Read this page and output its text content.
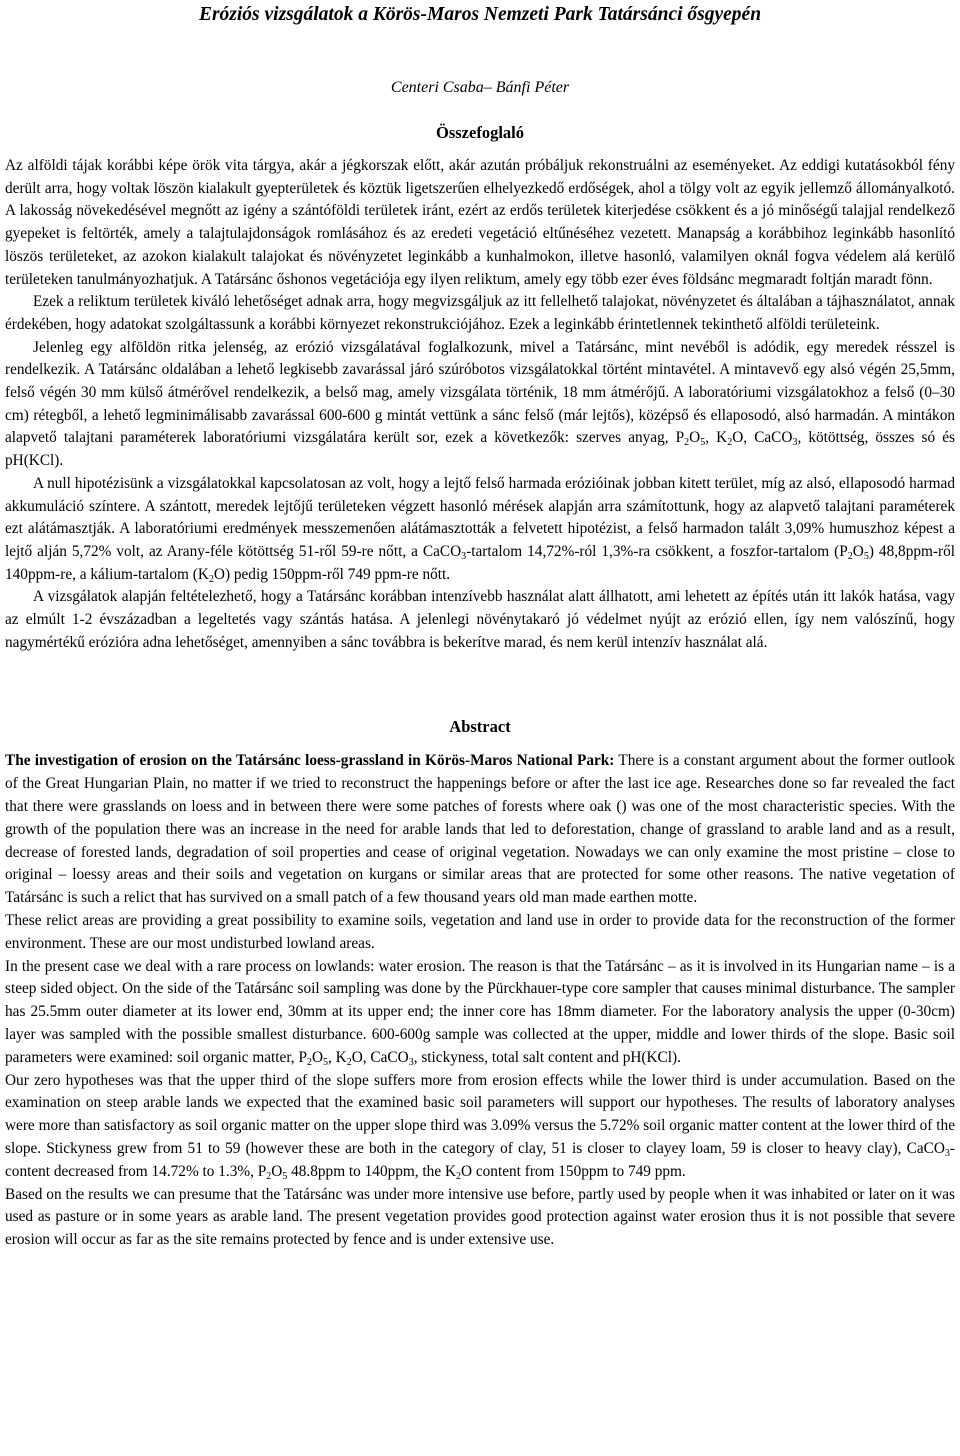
Eróziós vizsgálatok a Körös-Maros Nemzeti Park Tatársánci ősgyepén

Centeri Csaba– Bánfi Péter

Összefoglaló

Az alföldi tájak korábbi képe örök vita tárgya, akár a jégkorszak előtt, akár azután próbáljuk rekonstruálni az eseményeket. Az eddigi kutatásokból fény derült arra, hogy voltak löszön kialakult gyepterületek és köztük ligetszerűen elhelyezkedő erdőségek, ahol a tölgy volt az egyik jellemző állományalkotó. A lakosság növekedésével megnőtt az igény a szántóföldi területek iránt, ezért az erdős területek kiterjedése csökkent és a jó minőségű talajjal rendelkező gyepeket is feltörték, amely a talajtulajdonságok romlásához és az eredeti vegetáció eltűnéséhez vezetett. Manapság a korábbihoz leginkább hasonlító löszös területeket, az azokon kialakult talajokat és növényzetet leginkább a kunhalmokon, illetve hasonló, valamilyen oknál fogva védelem alá kerülő területeken tanulmányozhatjuk. A Tatársánc őshonos vegetációja egy ilyen reliktum, amely egy több ezer éves földsánc megmaradt foltján maradt fönn.

Ezek a reliktum területek kiváló lehetőséget adnak arra, hogy megvizsgáljuk az itt fellelhető talajokat, növényzetet és általában a tájhasználatot, annak érdekében, hogy adatokat szolgáltassunk a korábbi környezet rekonstrukciójához. Ezek a leginkább érintetlennek tekinthető alföldi területeink.

Jelenleg egy alföldön ritka jelenség, az erózió vizsgálatával foglalkozunk, mivel a Tatársánc, mint nevéből is adódik, egy meredek résszel is rendelkezik. A Tatársánc oldalában a lehető legkisebb zavarással járó szúróbotos vizsgálatokkal történt mintavétel. A mintavevő egy alsó végén 25,5mm, felső végén 30 mm külső átmérővel rendelkezik, a belső mag, amely vizsgálata történik, 18 mm átmérőjű. A laboratóriumi vizsgálatokhoz a felső (0–30 cm) rétegből, a lehető legminimálisabb zavarással 600-600 g mintát vettünk a sánc felső (már lejtős), középső és ellaposodó, alsó harmadán. A mintákon alapvető talajtani paraméterek laboratóriumi vizsgálatára került sor, ezek a következők: szerves anyag, $P_2O_5$, $K_2O$, CaCO$_3$, kötöttség, összes só és pH(KCl).

A null hipotézisünk a vizsgálatokkal kapcsolatosan az volt, hogy a lejtő felső harmada erózióinak jobban kitett terület, míg az alsó, ellaposodó harmad akkumuláció színtere. A szántott, meredek lejtőjű területeken végzett hasonló mérések alapján arra számítottunk, hogy az alapvető talajtani paraméterek ezt alátámasztják. A laboratóriumi eredmények messzemenően alátámasztották a felvetett hipotézist, a felső harmadon talált 3,09% humuszhoz képest a lejtő alján 5,72% volt, az Arany-féle kötöttség 51-ről 59-re nőtt, a CaCO$_3$-tartalom 14,72%-ról 1,3%-ra csökkent, a foszfor-tartalom $(P_2O_5)$ 48,8ppm-ről 140ppm-re, a kálium-tartalom $(K_2O)$ pedig 150ppm-ről 749 ppm-re nőtt.

A vizsgálatok alapján feltételezhető, hogy a Tatársánc korábban intenzívebb használat alatt állhatott, ami lehetett az építés után itt lakók hatása, vagy az elmúlt 1-2 évszázadban a legeltetés vagy szántás hatása. A jelenlegi növénytakaró jó védelmet nyújt az erózió ellen, így nem valószínű, hogy nagymértékű erózióra adna lehetőséget, amennyiben a sánc továbbra is bekerítve marad, és nem kerül intenzív használat alá.

Abstract

The investigation of erosion on the Tatársánc loess-grassland in Körös-Maros National Park: There is a constant argument about the former outlook of the Great Hungarian Plain, no matter if we tried to reconstruct the happenings before or after the last ice age. Researches done so far revealed the fact that there were grasslands on loess and in between there were some patches of forests where oak () was one of the most characteristic species. With the growth of the population there was an increase in the need for arable lands that led to deforestation, change of grassland to arable land and as a result, decrease of forested lands, degradation of soil properties and cease of original vegetation. Nowadays we can only examine the most pristine – close to original – loessy areas and their soils and vegetation on kurgans or similar areas that are protected for some other reasons. The native vegetation of Tatársánc is such a relict that has survived on a small patch of a few thousand years old man made earthen motte.

These relict areas are providing a great possibility to examine soils, vegetation and land use in order to provide data for the reconstruction of the former environment. These are our most undisturbed lowland areas.

In the present case we deal with a rare process on lowlands: water erosion. The reason is that the Tatársánc – as it is involved in its Hungarian name – is a steep sided object. On the side of the Tatársánc soil sampling was done by the Pürckhauer-type core sampler that causes minimal disturbance. The sampler has 25.5mm outer diameter at its lower end, 30mm at its upper end; the inner core has 18mm diameter. For the laboratory analysis the upper (0-30cm) layer was sampled with the possible smallest disturbance. 600-600g sample was collected at the upper, middle and lower thirds of the slope. Basic soil parameters were examined: soil organic matter, $P_2O_5$, $K_2O$, CaCO$_3$, stickyness, total salt content and pH(KCl).

Our zero hypotheses was that the upper third of the slope suffers more from erosion effects while the lower third is under accumulation. Based on the examination on steep arable lands we expected that the examined basic soil parameters will support our hypotheses. The results of laboratory analyses were more than satisfactory as soil organic matter on the upper slope third was 3.09% versus the 5.72% soil organic matter content at the lower third of the slope. Stickyness grew from 51 to 59 (however these are both in the category of clay, 51 is closer to clayey loam, 59 is closer to heavy clay), CaCO$_3$-content decreased from 14.72% to 1.3%, $P_2O_5$ 48.8ppm to 140ppm, the $K_2O$ content from 150ppm to 749 ppm.

Based on the results we can presume that the Tatársánc was under more intensive use before, partly used by people when it was inhabited or later on it was used as pasture or in some years as arable land. The present vegetation provides good protection against water erosion thus it is not possible that severe erosion will occur as far as the site remains protected by fence and is under extensive use.
